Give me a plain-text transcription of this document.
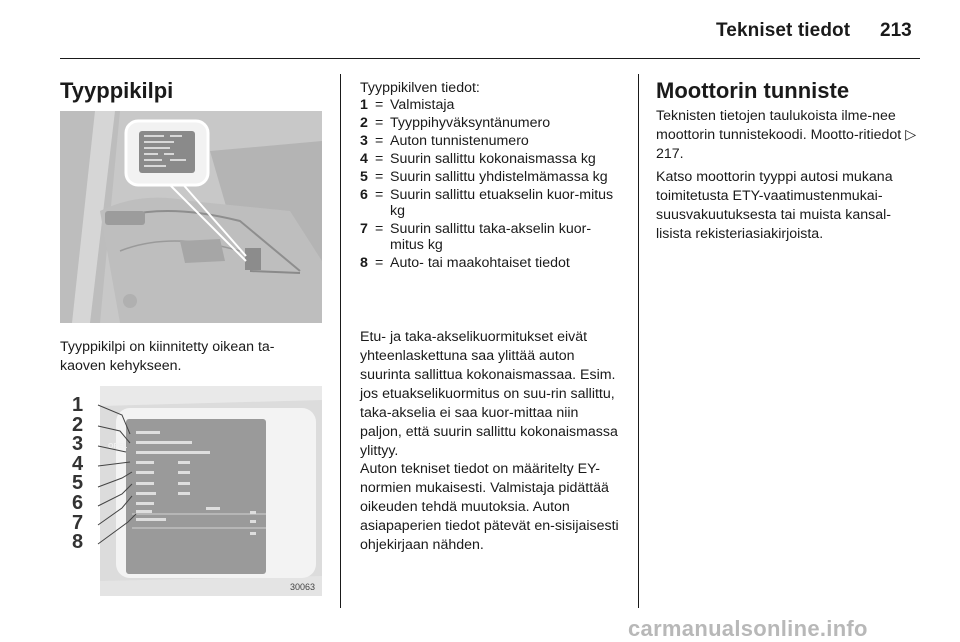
Tekniset tiedot 213
Tyyppikilpi

Tyyppikilpi on kiinnitetty oikean ta-kaoven kehykseen.

OPEL
30063
1
2
3
4
5
6
7
8

Tyyppikilven tiedot:

1 = Valmistaja
2 = Tyyppihyväksyntänumero
3 = Auton tunnistenumero
4 = Suurin sallittu kokonaismassa kg
5 = Suurin sallittu yhdistelmämassa kg
6 = Suurin sallittu etuakselin kuor-mitus kg
7 = Suurin sallittu taka-akselin kuor-mitus kg
8 = Auto- tai maakohtaiset tiedot

Etu- ja taka-akselikuormitukset eivät yhteenlaskettuna saa ylittää auton suurinta sallittua kokonaismassaa. Esim. jos etuakselikuormitus on suu-rin sallittu, taka-akselia ei saa kuor-mittaa niin paljon, että suurin sallittu kokonaismassa ylittyy.

Auton tekniset tiedot on määritelty EY-normien mukaisesti. Valmistaja pidättää oikeuden tehdä muutoksia. Auton asiapaperien tiedot pätevät en-sisijaisesti ohjekirjaan nähden.

Moottorin tunniste

Teknisten tietojen taulukoista ilme-nee moottorin tunnistekoodi. Mootto-ritiedot ▷ 217.

Katso moottorin tyyppi autosi mukana toimitetusta ETY-vaatimustenmukai-suusvakuutuksesta tai muista kansal-lisista rekisteriasiakirjoista.

carmanualsonline.info
